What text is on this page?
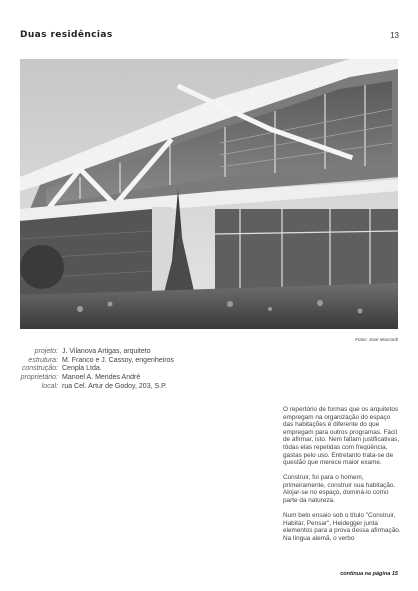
Duas residências	13
Fotos: José Moscardi
projeto: J. Vilanova Artigas, arquiteto
estrutura: M. Franco e J. Cassoy, engenheiros
construção: Cenpla Ltda.
proprietário: Manoel A. Mendes André
local: rua Cel. Artur de Godoy, 203, S.P.

O repertório de formas que os arquitetos empregam na organização do espaço das habitações é diferente do que empregam para outros programas. Fácil de afirmar, isto. Nem faltam justificativas, tôdas elas repetidas com freqüência, gastas pelo uso. Entretanto trata-se de questão que merece maior exame.

Construir, foi para o homem, primeiramente, construir sua habitação. Alojar-se no espaço, dominá-lo como parte da natureza.

Num belo ensaio sob o título "Construir, Habitar, Pensar", Heidegger junta elementos para a prova dessa afirmação. Na língua alemã, o verbo

continua na página 15
